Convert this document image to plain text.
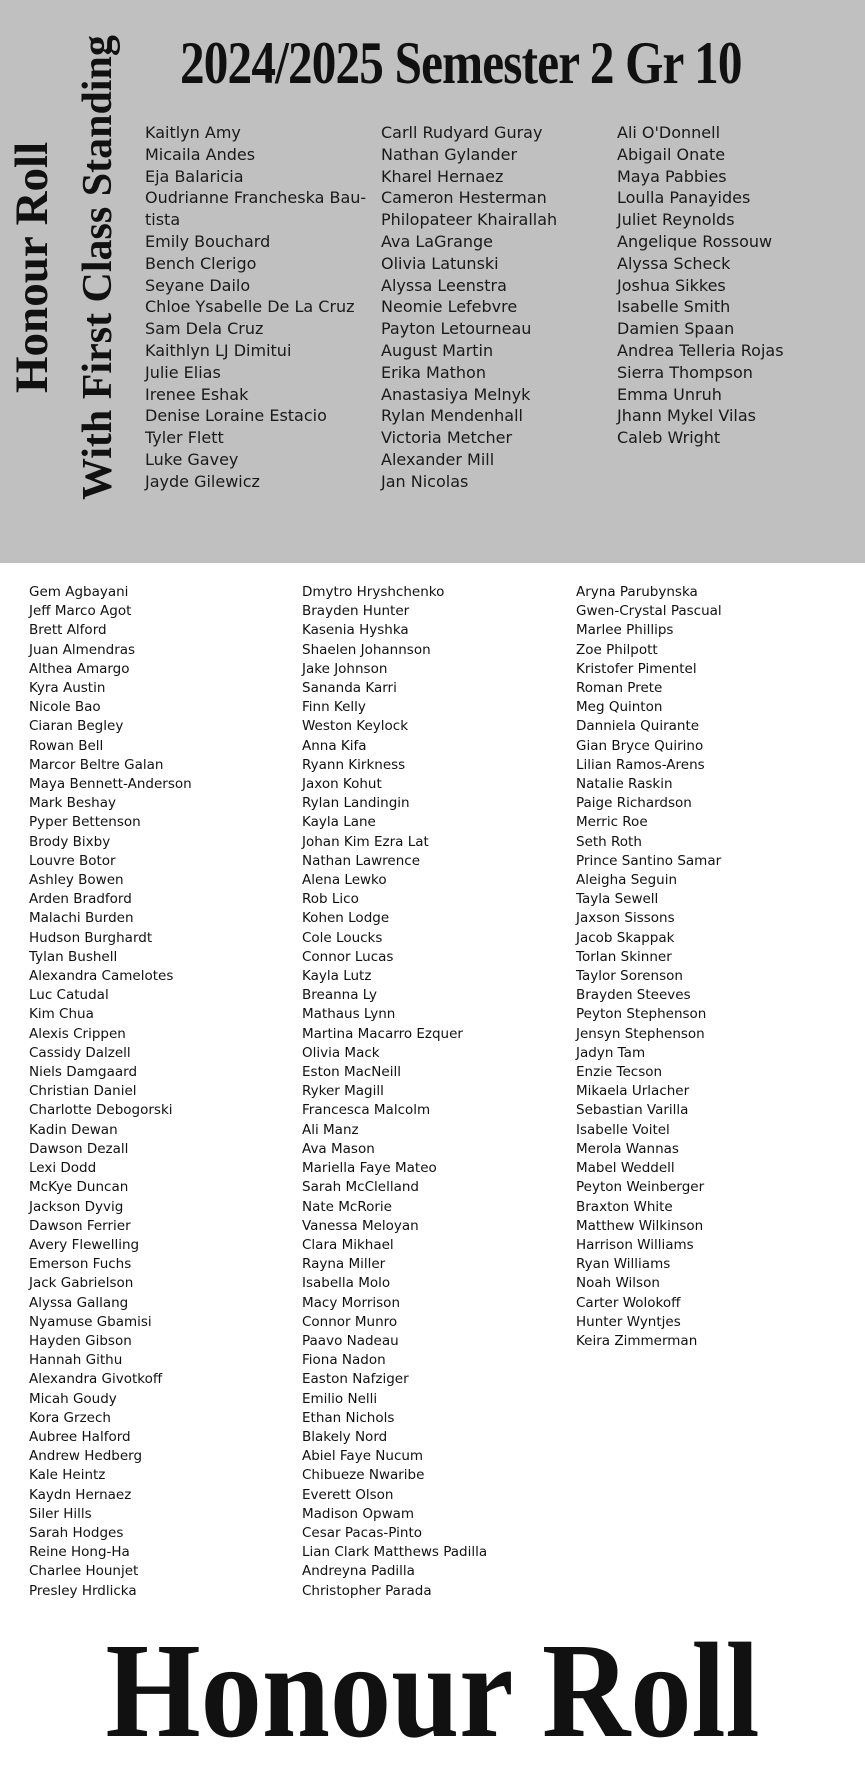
2024/2025 Semester 2 Gr 10
Honour Roll With First Class Standing Kaitlyn Amy
Micaila Andes
Eja Balaricia
Oudrianne Francheska Bau-tista
Emily Bouchard
Bench Clerigo
Seyane Dailo
Chloe Ysabelle De La Cruz
Sam Dela Cruz
Kaithlyn LJ Dimitui
Julie Elias
Irenee Eshak
Denise Loraine Estacio
Tyler Flett
Luke Gavey
Jayde Gilewicz
Carll Rudyard Guray
Nathan Gylander
Kharel Hernaez
Cameron Hesterman
Philopateer Khairallah
Ava LaGrange
Olivia Latunski
Alyssa Leenstra
Neomie Lefebvre
Payton Letourneau
August Martin
Erika Mathon
Anastasiya Melnyk
Rylan Mendenhall
Victoria Metcher
Alexander Mill
Jan Nicolas
Ali O'Donnell
Abigail Onate
Maya Pabbies
Loulla Panayides
Juliet Reynolds
Angelique Rossouw
Alyssa Scheck
Joshua Sikkes
Isabelle Smith
Damien Spaan
Andrea Telleria Rojas
Sierra Thompson
Emma Unruh
Jhann Mykel Vilas
Caleb Wright
Gem Agbayani
Jeff Marco Agot
Brett Alford
Juan Almendras
Althea Amargo
Kyra Austin
Nicole Bao
Ciaran Begley
Rowan Bell
Marcor Beltre Galan
Maya Bennett-Anderson
Mark Beshay
Pyper Bettenson
Brody Bixby
Louvre Botor
Ashley Bowen
Arden Bradford
Malachi Burden
Hudson Burghardt
Tylan Bushell
Alexandra Camelotes
Luc Catudal
Kim Chua
Alexis Crippen
Cassidy Dalzell
Niels Damgaard
Christian Daniel
Charlotte Debogorski
Kadin Dewan
Dawson Dezall
Lexi Dodd
McKye Duncan
Jackson Dyvig
Dawson Ferrier
Avery Flewelling
Emerson Fuchs
Jack Gabrielson
Alyssa Gallang
Nyamuse Gbamisi
Hayden Gibson
Hannah Githu
Alexandra Givotkoff
Micah Goudy
Kora Grzech
Aubree Halford
Andrew Hedberg
Kale Heintz
Kaydn Hernaez
Siler Hills
Sarah Hodges
Reine Hong-Ha
Charlee Hounjet
Presley Hrdlicka
Dmytro Hryshchenko
Brayden Hunter
Kasenia Hyshka
Shaelen Johannson
Jake Johnson
Sananda Karri
Finn Kelly
Weston Keylock
Anna Kifa
Ryann Kirkness
Jaxon Kohut
Rylan Landingin
Kayla Lane
Johan Kim Ezra Lat
Nathan Lawrence
Alena Lewko
Rob Lico
Kohen Lodge
Cole Loucks
Connor Lucas
Kayla Lutz
Breanna Ly
Mathaus Lynn
Martina Macarro Ezquer
Olivia Mack
Eston MacNeill
Ryker Magill
Francesca Malcolm
Ali Manz
Ava Mason
Mariella Faye Mateo
Sarah McClelland
Nate McRorie
Vanessa Meloyan
Clara Mikhael
Rayna Miller
Isabella Molo
Macy Morrison
Connor Munro
Paavo Nadeau
Fiona Nadon
Easton Nafziger
Emilio Nelli
Ethan Nichols
Blakely Nord
Abiel Faye Nucum
Chibueze Nwaribe
Everett Olson
Madison Opwam
Cesar Pacas-Pinto
Lian Clark Matthews Padilla
Andreyna Padilla
Christopher Parada
Aryna Parubynska
Gwen-Crystal Pascual
Marlee Phillips
Zoe Philpott
Kristofer Pimentel
Roman Prete
Meg Quinton
Danniela Quirante
Gian Bryce Quirino
Lilian Ramos-Arens
Natalie Raskin
Paige Richardson
Merric Roe
Seth Roth
Prince Santino Samar
Aleigha Seguin
Tayla Sewell
Jaxson Sissons
Jacob Skappak
Torlan Skinner
Taylor Sorenson
Brayden Steeves
Peyton Stephenson
Jensyn Stephenson
Jadyn Tam
Enzie Tecson
Mikaela Urlacher
Sebastian Varilla
Isabelle Voitel
Merola Wannas
Mabel Weddell
Peyton Weinberger
Braxton White
Matthew Wilkinson
Harrison Williams
Ryan Williams
Noah Wilson
Carter Wolokoff
Hunter Wyntjes
Keira Zimmerman
Honour Roll
